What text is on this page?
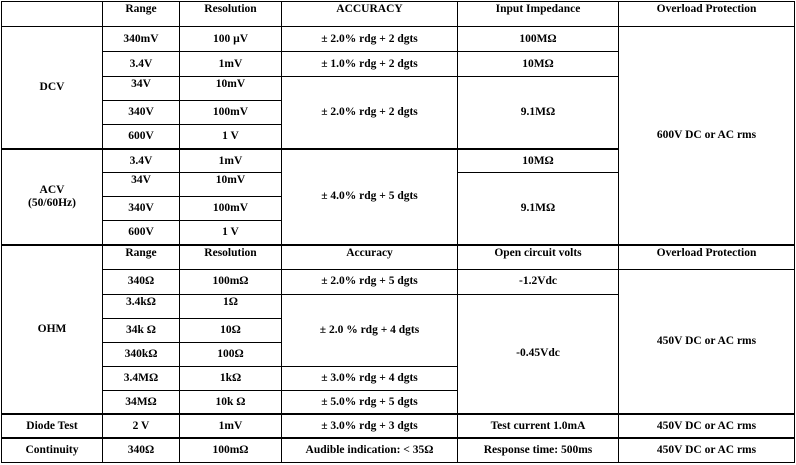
	Range	Resolution	ACCURACY	Input Impedance	Overload Protection
DCV	340mV	100 µV	± 2.0% rdg + 2 dgts	100MΩ	600V DC or AC rms
	3.4V	1mV	± 1.0% rdg + 2 dgts	10MΩ	
	34V	10mV	± 2.0% rdg + 2 dgts	9.1MΩ	
	340V	100mV			
	600V	1 V			

ACV
(50/60Hz)	3.4V	1mV	± 4.0% rdg + 5 dgts	10MΩ	
	34V	10mV		9.1MΩ	
	340V	100mV			
	600V	1 V			
OHM	Range	Resolution	Accuracy	Open circuit volts	Overload Protection
	340Ω	100mΩ	± 2.0% rdg + 5 dgts	-1.2Vdc	450V DC or AC rms
	3.4kΩ	1Ω	± 2.0 % rdg + 4 dgts	-0.45Vdc	
	34k Ω	10Ω			
	340kΩ	100Ω			
	3.4MΩ	1kΩ	± 3.0% rdg + 4 dgts		
	34MΩ	10k Ω	± 5.0% rdg + 5 dgts		
Diode Test	2 V	1mV	± 3.0% rdg + 3 dgts	Test current 1.0mA	450V DC or AC rms
Continuity	340Ω	100mΩ	Audible indication: < 35Ω	Response time: 500ms	450V DC or AC rms
